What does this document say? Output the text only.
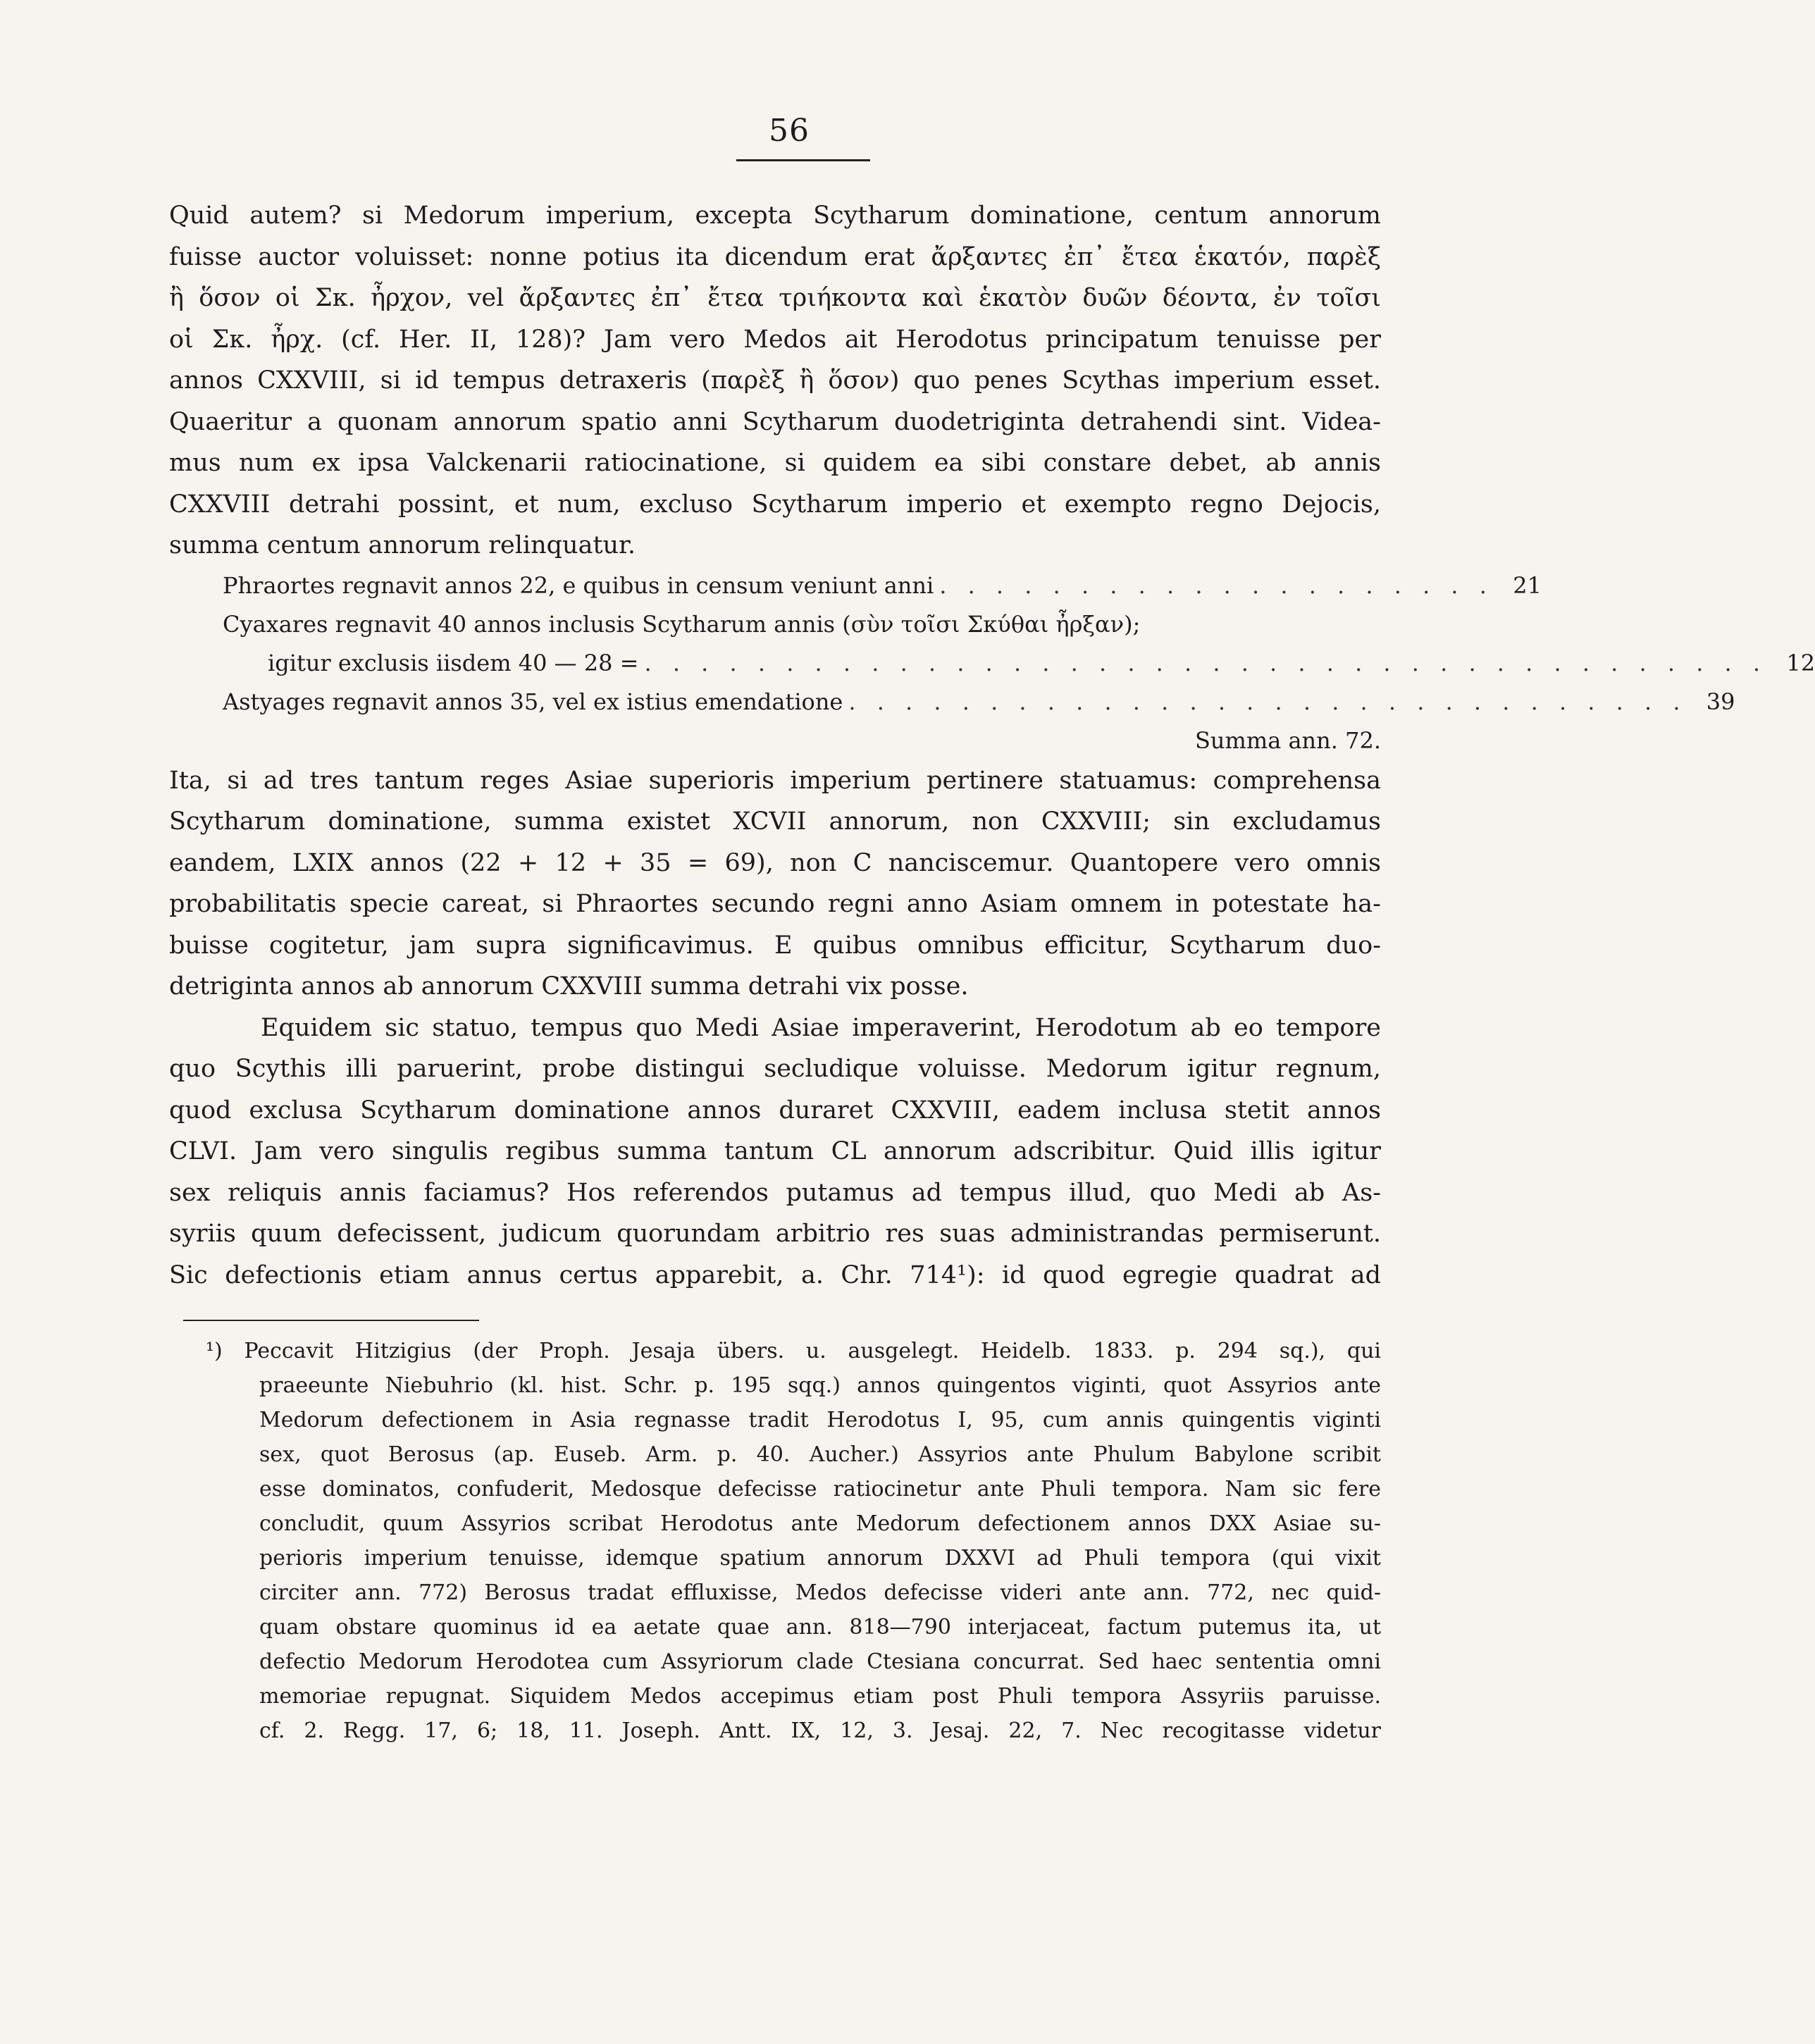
56

Quid autem? si Medorum imperium, excepta Scytharum dominatione, centum annorum
fuisse auctor voluisset: nonne potius ita dicendum erat ἄρξαντες ἐπ᾽ ἔτεα ἑκατόν, παρὲξ
ἢ ὅσον οἱ Σκ. ἦρχον, vel ἄρξαντες ἐπ᾽ ἔτεα τριήκοντα καὶ ἑκατὸν δυῶν δέοντα, ἐν τοῖσι
οἱ Σκ. ἦρχ. (cf. Her. II, 128)? Jam vero Medos ait Herodotus principatum tenuisse per
annos CXXVIII, si id tempus detraxeris (παρὲξ ἢ ὅσον) quo penes Scythas imperium esset.
Quaeritur a quonam annorum spatio anni Scytharum duodetriginta detrahendi sint. Videa-
mus num ex ipsa Valckenarii ratiocinatione, si quidem ea sibi constare debet, ab annis
CXXVIII detrahi possint, et num, excluso Scytharum imperio et exempto regno Dejocis,
summa centum annorum relinquatur.

Phraortes regnavit annos 22, e quibus in censum veniunt anni . . . . . . . . . . . . . . . . . . . . 21
Cyaxares regnavit 40 annos inclusis Scytharum annis (σὺν τοῖσι Σκύθαι ἦρξαν);
igitur exclusis iisdem 40 — 28 = . . . . . . . . . . . . . . . . . . . . . . . . . . . . . . . . . . . . . . . . 12
Astyages regnavit annos 35, vel ex istius emendatione . . . . . . . . . . . . . . . . . . . . . . . . . . . . . . 39
Summa ann. 72.

Ita, si ad tres tantum reges Asiae superioris imperium pertinere statuamus: comprehensa
Scytharum dominatione, summa existet XCVII annorum, non CXXVIII; sin excludamus
eandem, LXIX annos (22 + 12 + 35 = 69), non C nanciscemur. Quantopere vero omnis
probabilitatis specie careat, si Phraortes secundo regni anno Asiam omnem in potestate ha-
buisse cogitetur, jam supra significavimus. E quibus omnibus efficitur, Scytharum duo-
detriginta annos ab annorum CXXVIII summa detrahi vix posse.

Equidem sic statuo, tempus quo Medi Asiae imperaverint, Herodotum ab eo tempore
quo Scythis illi paruerint, probe distingui secludique voluisse. Medorum igitur regnum,
quod exclusa Scytharum dominatione annos duraret CXXVIII, eadem inclusa stetit annos
CLVI. Jam vero singulis regibus summa tantum CL annorum adscribitur. Quid illis igitur
sex reliquis annis faciamus? Hos referendos putamus ad tempus illud, quo Medi ab As-
syriis quum defecissent, judicum quorundam arbitrio res suas administrandas permiserunt.
Sic defectionis etiam annus certus apparebit, a. Chr. 714¹): id quod egregie quadrat ad

¹) Peccavit Hitzigius (der Proph. Jesaja übers. u. ausgelegt. Heidelb. 1833. p. 294 sq.), qui
praeeunte Niebuhrio (kl. hist. Schr. p. 195 sqq.) annos quingentos viginti, quot Assyrios ante
Medorum defectionem in Asia regnasse tradit Herodotus I, 95, cum annis quingentis viginti
sex, quot Berosus (ap. Euseb. Arm. p. 40. Aucher.) Assyrios ante Phulum Babylone scribit
esse dominatos, confuderit, Medosque defecisse ratiocinetur ante Phuli tempora. Nam sic fere
concludit, quum Assyrios scribat Herodotus ante Medorum defectionem annos DXX Asiae su-
perioris imperium tenuisse, idemque spatium annorum DXXVI ad Phuli tempora (qui vixit
circiter ann. 772) Berosus tradat effluxisse, Medos defecisse videri ante ann. 772, nec quid-
quam obstare quominus id ea aetate quae ann. 818—790 interjaceat, factum putemus ita, ut
defectio Medorum Herodotea cum Assyriorum clade Ctesiana concurrat. Sed haec sententia omni
memoriae repugnat. Siquidem Medos accepimus etiam post Phuli tempora Assyriis paruisse.
cf. 2. Regg. 17, 6; 18, 11. Joseph. Antt. IX, 12, 3. Jesaj. 22, 7. Nec recogitasse videtur
